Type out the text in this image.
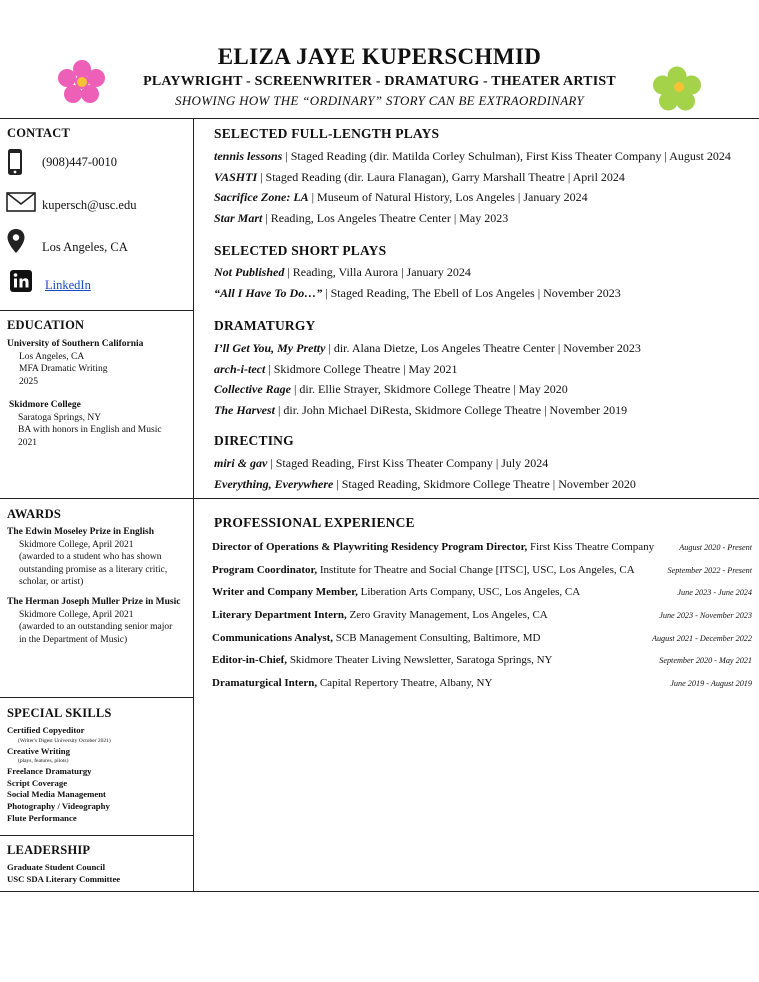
ELIZA JAYE KUPERSCHMID
PLAYWRIGHT - SCREENWRITER - DRAMATURG - THEATER ARTIST
SHOWING HOW THE “ORDINARY” STORY CAN BE EXTRAORDINARY
CONTACT
(908)447-0010
kupersch@usc.edu
Los Angeles, CA
LinkedIn
EDUCATION
University of Southern California
Los Angeles, CA
MFA Dramatic Writing
2025
Skidmore College
Saratoga Springs, NY
BA with honors in English and Music
2021
AWARDS
The Edwin Moseley Prize in English
Skidmore College, April 2021
(awarded to a student who has shown
outstanding promise as a literary critic,
scholar, or artist)
The Herman Joseph Muller Prize in Music
Skidmore College, April 2021
(awarded to an outstanding senior major
in the Department of Music)
SPECIAL SKILLS
Certified Copyeditor
(Writer's Digest University October 2021)
Creative Writing
(plays, features, pilots)
Freelance Dramaturgy
Script Coverage
Social Media Management
Photography / Videography
Flute Performance
LEADERSHIP
Graduate Student Council
USC SDA Literary Committee
SELECTED FULL-LENGTH PLAYS
tennis lessons | Staged Reading (dir. Matilda Corley Schulman), First Kiss Theater Company | August 2024
VASHTI | Staged Reading (dir. Laura Flanagan), Garry Marshall Theatre | April 2024
Sacrifice Zone: LA | Museum of Natural History, Los Angeles | January 2024
Star Mart | Reading, Los Angeles Theatre Center | May 2023
SELECTED SHORT PLAYS
Not Published | Reading, Villa Aurora | January 2024
“All I Have To Do…” | Staged Reading, The Ebell of Los Angeles | November 2023
DRAMATURGY
I’ll Get You, My Pretty | dir. Alana Dietze, Los Angeles Theatre Center | November 2023
arch-i-tect | Skidmore College Theatre | May 2021
Collective Rage | dir. Ellie Strayer, Skidmore College Theatre | May 2020
The Harvest | dir. John Michael DiResta, Skidmore College Theatre | November 2019
DIRECTING
miri & gav | Staged Reading, First Kiss Theater Company | July 2024
Everything, Everywhere | Staged Reading, Skidmore College Theatre | November 2020
PROFESSIONAL EXPERIENCE
Director of Operations & Playwriting Residency Program Director, First Kiss Theatre Company	August 2020 - Present
Program Coordinator, Institute for Theatre and Social Change [ITSC], USC, Los Angeles, CA	September 2022 - Present
Writer and Company Member, Liberation Arts Company, USC, Los Angeles, CA	June 2023 - June 2024
Literary Department Intern, Zero Gravity Management, Los Angeles, CA	June 2023 - November 2023
Communications Analyst, SCB Management Consulting, Baltimore, MD	August 2021 - December 2022
Editor-in-Chief, Skidmore Theater Living Newsletter, Saratoga Springs, NY	September 2020 - May 2021
Dramaturgical Intern, Capital Repertory Theatre, Albany, NY	June 2019 - August 2019
